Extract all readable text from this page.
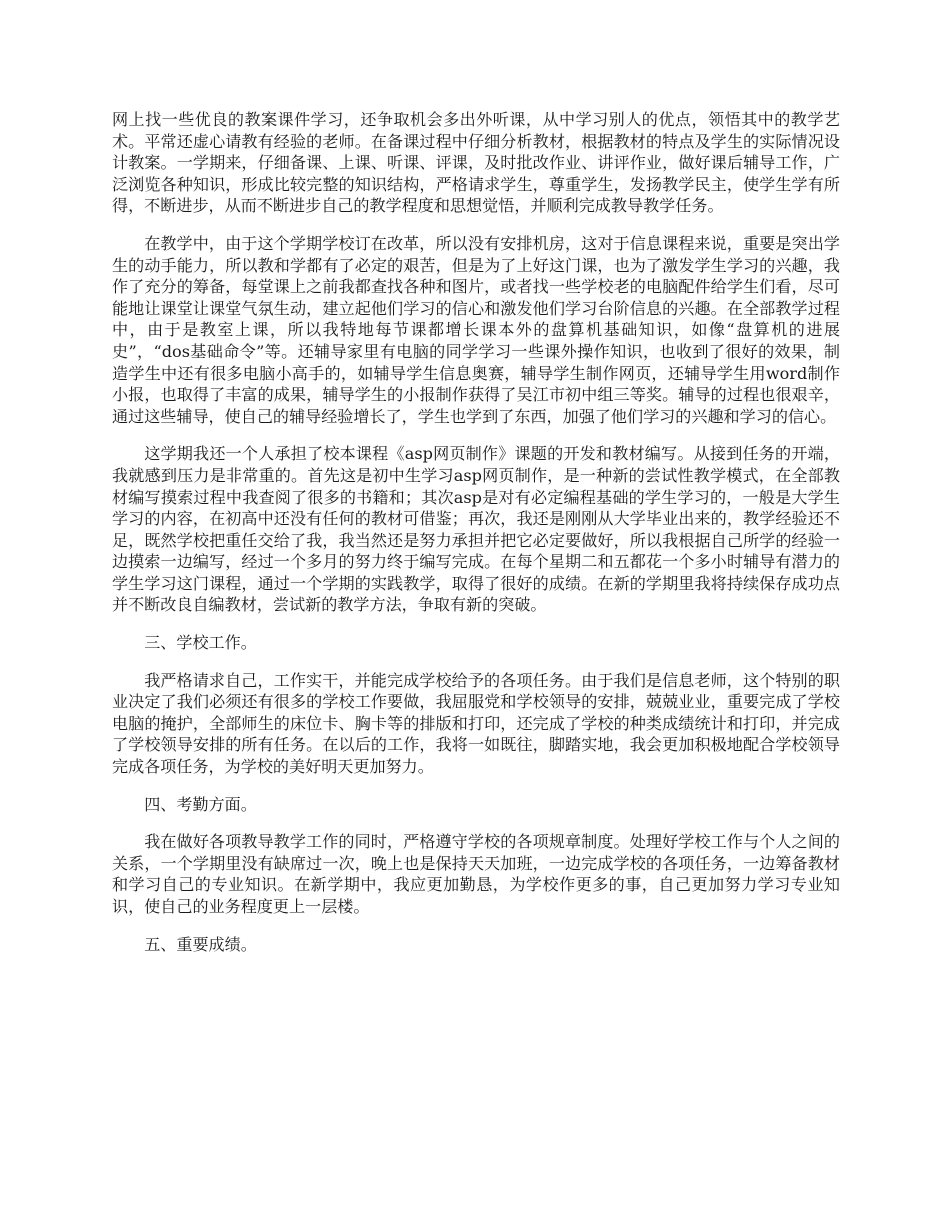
网上找一些优良的教案课件学习，还争取机会多出外听课，从中学习别人的优点，领悟其中的教学艺术。平常还虚心请教有经验的老师。在备课过程中仔细分析教材，根据教材的特点及学生的实际情况设计教案。一学期来，仔细备课、上课、听课、评课，及时批改作业、讲评作业，做好课后辅导工作，广泛浏览各种知识，形成比较完整的知识结构，严格请求学生，尊重学生，发扬教学民主，使学生学有所得，不断进步，从而不断进步自己的教学程度和思想觉悟，并顺利完成教导教学任务。

在教学中，由于这个学期学校订在改革，所以没有安排机房，这对于信息课程来说，重要是突出学生的动手能力，所以教和学都有了必定的艰苦，但是为了上好这门课，也为了激发学生学习的兴趣，我作了充分的筹备，每堂课上之前我都查找各种和图片，或者找一些学校老的电脑配件给学生们看，尽可能地让课堂让课堂气氛生动，建立起他们学习的信心和激发他们学习台阶信息的兴趣。在全部教学过程中，由于是教室上课，所以我特地每节课都增长课本外的盘算机基础知识，如像“盘算机的进展史”，“dos基础命令”等。还辅导家里有电脑的同学学习一些课外操作知识，也收到了很好的效果，制造学生中还有很多电脑小高手的，如辅导学生信息奥赛，辅导学生制作网页，还辅导学生用word制作小报，也取得了丰富的成果，辅导学生的小报制作获得了吴江市初中组三等奖。辅导的过程也很艰辛，通过这些辅导，使自己的辅导经验增长了，学生也学到了东西，加强了他们学习的兴趣和学习的信心。

这学期我还一个人承担了校本课程《asp网页制作》课题的开发和教材编写。从接到任务的开端，我就感到压力是非常重的。首先这是初中生学习asp网页制作，是一种新的尝试性教学模式，在全部教材编写摸索过程中我查阅了很多的书籍和；其次asp是对有必定编程基础的学生学习的，一般是大学生学习的内容，在初高中还没有任何的教材可借鉴；再次，我还是刚刚从大学毕业出来的，教学经验还不足，既然学校把重任交给了我，我当然还是努力承担并把它必定要做好，所以我根据自己所学的经验一边摸索一边编写，经过一个多月的努力终于编写完成。在每个星期二和五都花一个多小时辅导有潜力的学生学习这门课程，通过一个学期的实践教学，取得了很好的成绩。在新的学期里我将持续保存成功点并不断改良自编教材，尝试新的教学方法，争取有新的突破。

三、学校工作。

我严格请求自己，工作实干，并能完成学校给予的各项任务。由于我们是信息老师，这个特别的职业决定了我们必须还有很多的学校工作要做，我屈服党和学校领导的安排，兢兢业业，重要完成了学校电脑的掩护，全部师生的床位卡、胸卡等的排版和打印，还完成了学校的种类成绩统计和打印，并完成了学校领导安排的所有任务。在以后的工作，我将一如既往，脚踏实地，我会更加积极地配合学校领导完成各项任务，为学校的美好明天更加努力。

四、考勤方面。

我在做好各项教导教学工作的同时，严格遵守学校的各项规章制度。处理好学校工作与个人之间的关系，一个学期里没有缺席过一次，晚上也是保持天天加班，一边完成学校的各项任务，一边筹备教材和学习自己的专业知识。在新学期中，我应更加勤恳，为学校作更多的事，自己更加努力学习专业知识，使自己的业务程度更上一层楼。

五、重要成绩。
